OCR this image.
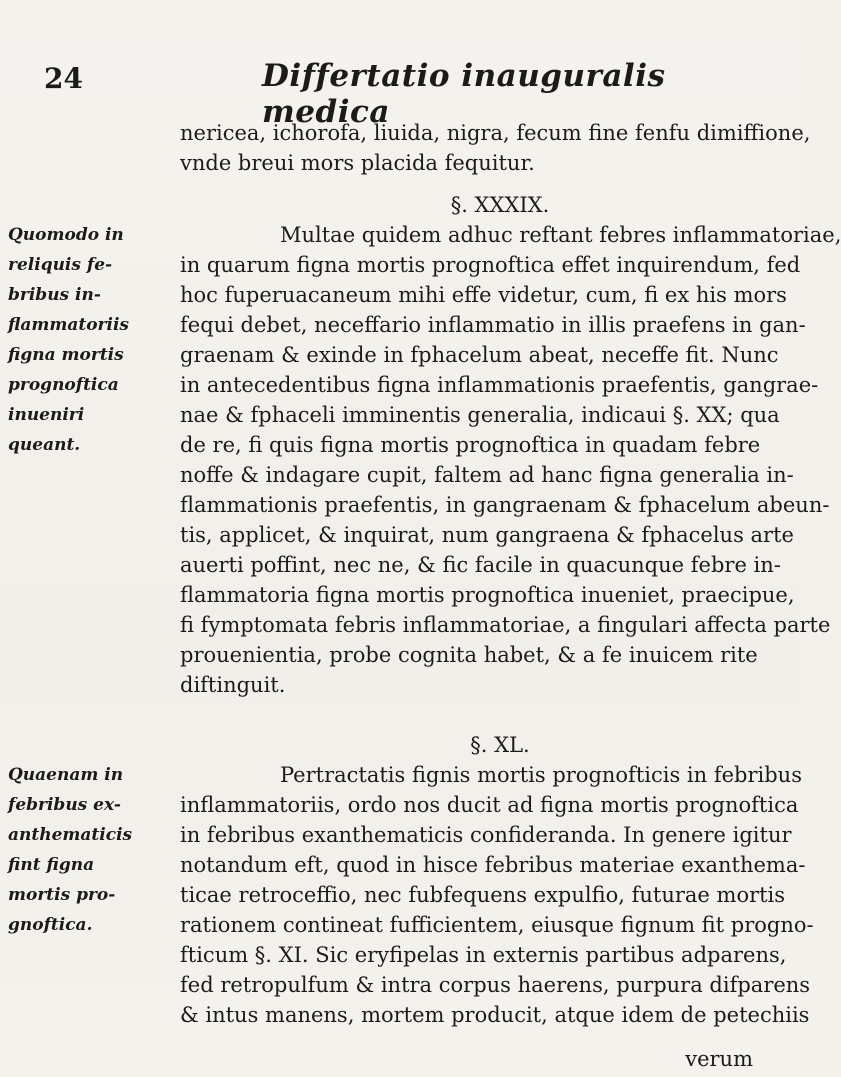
24	Differtatio inauguralis medica
nericea, ichorofa, liuida, nigra, fecum fine fenfu dimiffione,
vnde breui mors placida fequitur.
§. XXXIX.
Multae quidem adhuc reftant febres inflammatoriae,
in quarum figna mortis prognoftica effet inquirendum, fed
hoc fuperuacaneum mihi effe videtur, cum, fi ex his mors
fequi debet, neceffario inflammatio in illis praefens in gan-
graenam & exinde in fphacelum abeat, neceffe fit. Nunc
in antecedentibus figna inflammationis praefentis, gangrae-
nae & fphaceli imminentis generalia, indicaui §. XX; qua
de re, fi quis figna mortis prognoftica in quadam febre
noffe & indagare cupit, faltem ad hanc figna generalia in-
flammationis praefentis, in gangraenam & fphacelum abeun-
tis, applicet, & inquirat, num gangraena & fphacelus arte
auerti poffint, nec ne, & fic facile in quacunque febre in-
flammatoria figna mortis prognoftica inueniet, praecipue,
fi fymptomata febris inflammatoriae, a fingulari affecta parte
prouenientia, probe cognita habet, & a fe inuicem rite
diftinguit.
Quomodo in
reliquis fe-
bribus in-
flammatoriis
figna mortis
prognoftica
inueniri
queant.
§. XL.
Pertractatis fignis mortis prognofticis in febribus
inflammatoriis, ordo nos ducit ad figna mortis prognoftica
in febribus exanthematicis confideranda. In genere igitur
notandum eft, quod in hisce febribus materiae exanthema-
ticae retroceffio, nec fubfequens expulfio, futurae mortis
rationem contineat fufficientem, eiusque fignum fit progno-
fticum §. XI. Sic eryfipelas in externis partibus adparens,
fed retropulfum & intra corpus haerens, purpura difparens
& intus manens, mortem producit, atque idem de petechiis
Quaenam in
febribus ex-
anthematicis
fint figna
mortis pro-
gnoftica.
verum
